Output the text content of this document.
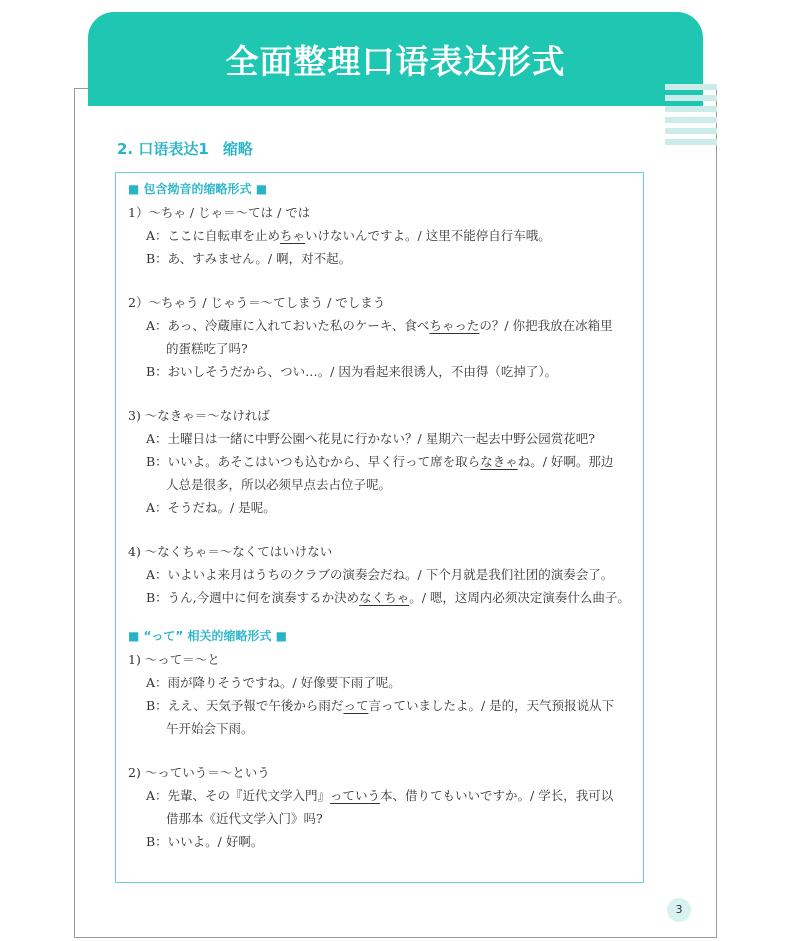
全面整理口语表达形式
2. 口语表达1 缩略
■ 包含拗音的缩略形式 ■
1）〜ちゃ / じゃ＝〜ては / では
A：ここに自転車を止めちゃいけないんですよ。/ 这里不能停自行车哦。
B：あ、すみません。/ 啊，对不起。
2）〜ちゃう / じゃう＝〜てしまう / でしまう
A：あっ、冷蔵庫に入れておいた私のケーキ、食べちゃったの？/ 你把我放在冰箱里
的蛋糕吃了吗?
B：おいしそうだから、つい…。/ 因为看起来很诱人，不由得（吃掉了）。
3) 〜なきゃ＝〜なければ
A：土曜日は一緒に中野公園へ花見に行かない？/ 星期六一起去中野公园赏花吧?
B：いいよ。あそこはいつも込むから、早く行って席を取らなきゃね。/ 好啊。那边
人总是很多，所以必须早点去占位子呢。
A：そうだね。/ 是呢。
4) 〜なくちゃ＝〜なくてはいけない
A：いよいよ来月はうちのクラブの演奏会だね。/ 下个月就是我们社团的演奏会了。
B：うん,今週中に何を演奏するか決めなくちゃ。/ 嗯，这周内必须决定演奏什么曲子。
■ “って” 相关的缩略形式 ■
1) 〜って＝〜と
A：雨が降りそうですね。/ 好像要下雨了呢。
B：ええ、天気予報で午後から雨だって言っていましたよ。/ 是的，天气预报说从下
午开始会下雨。
2) 〜っていう＝〜という
A：先輩、その『近代文学入門』っていう本、借りてもいいですか。/ 学长，我可以
借那本《近代文学入门》吗?
B：いいよ。/ 好啊。
3
